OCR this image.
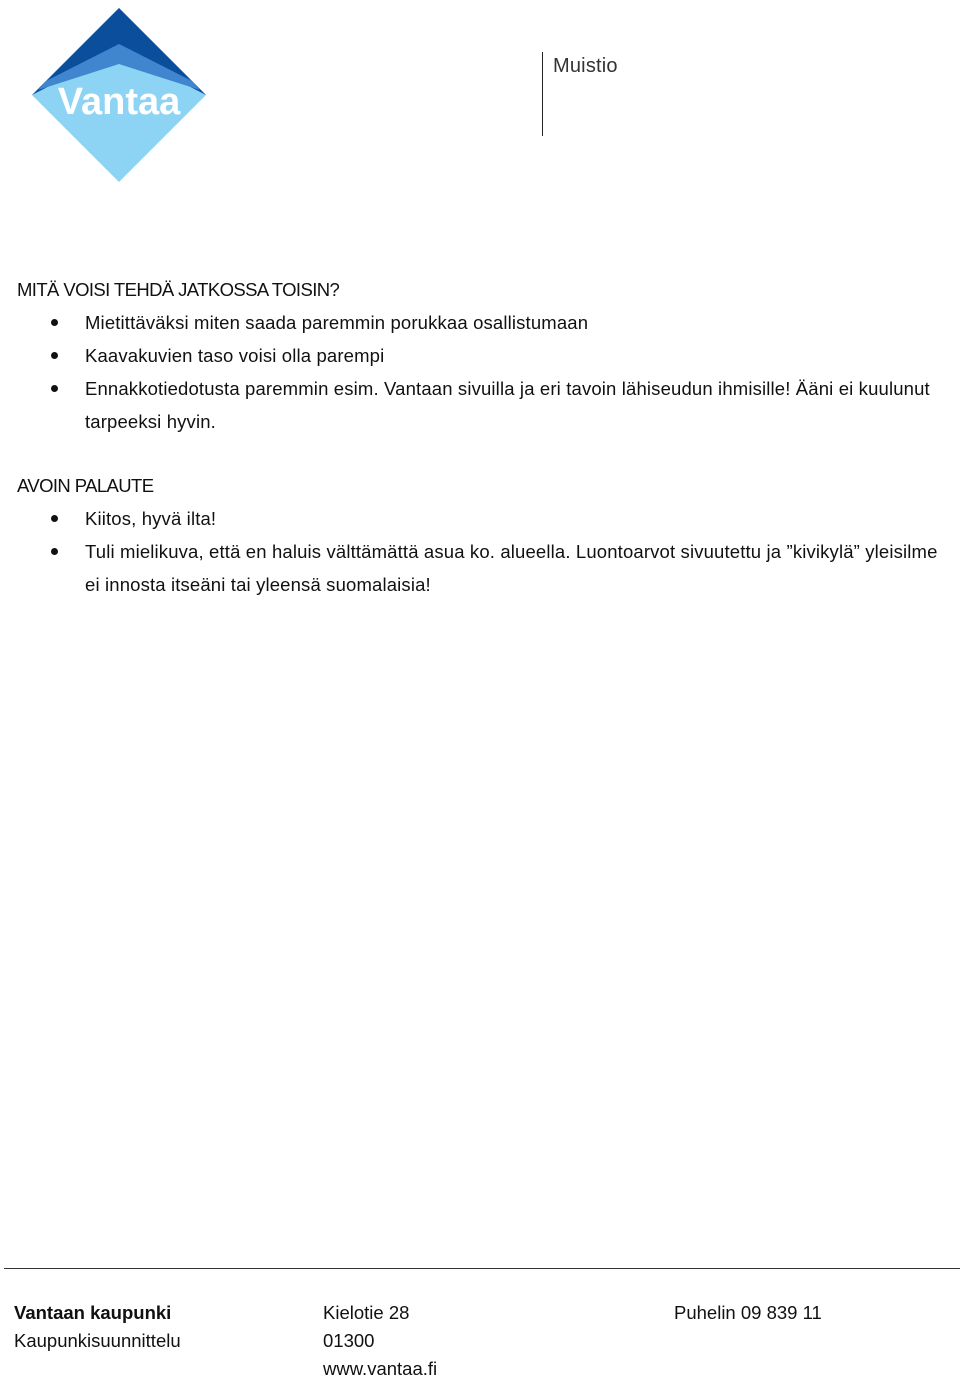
Vantaa
Muistio
MITÄ VOISI TEHDÄ JATKOSSA TOISIN?
Mietittäväksi miten saada paremmin porukkaa osallistumaan
Kaavakuvien taso voisi olla parempi
Ennakkotiedotusta paremmin esim. Vantaan sivuilla ja eri tavoin lähiseudun ihmisille! Ääni ei kuulunut tarpeeksi hyvin.
AVOIN PALAUTE
Kiitos, hyvä ilta!
Tuli mielikuva, että en haluis välttämättä asua ko. alueella. Luontoarvot sivuutettu ja ”kivikylä” yleisilme ei innosta itseäni tai yleensä suomalaisia!
Vantaan kaupunki
Kaupunkisuunnittelu
Kielotie 28
01300
www.vantaa.fi
Puhelin 09 839 11
